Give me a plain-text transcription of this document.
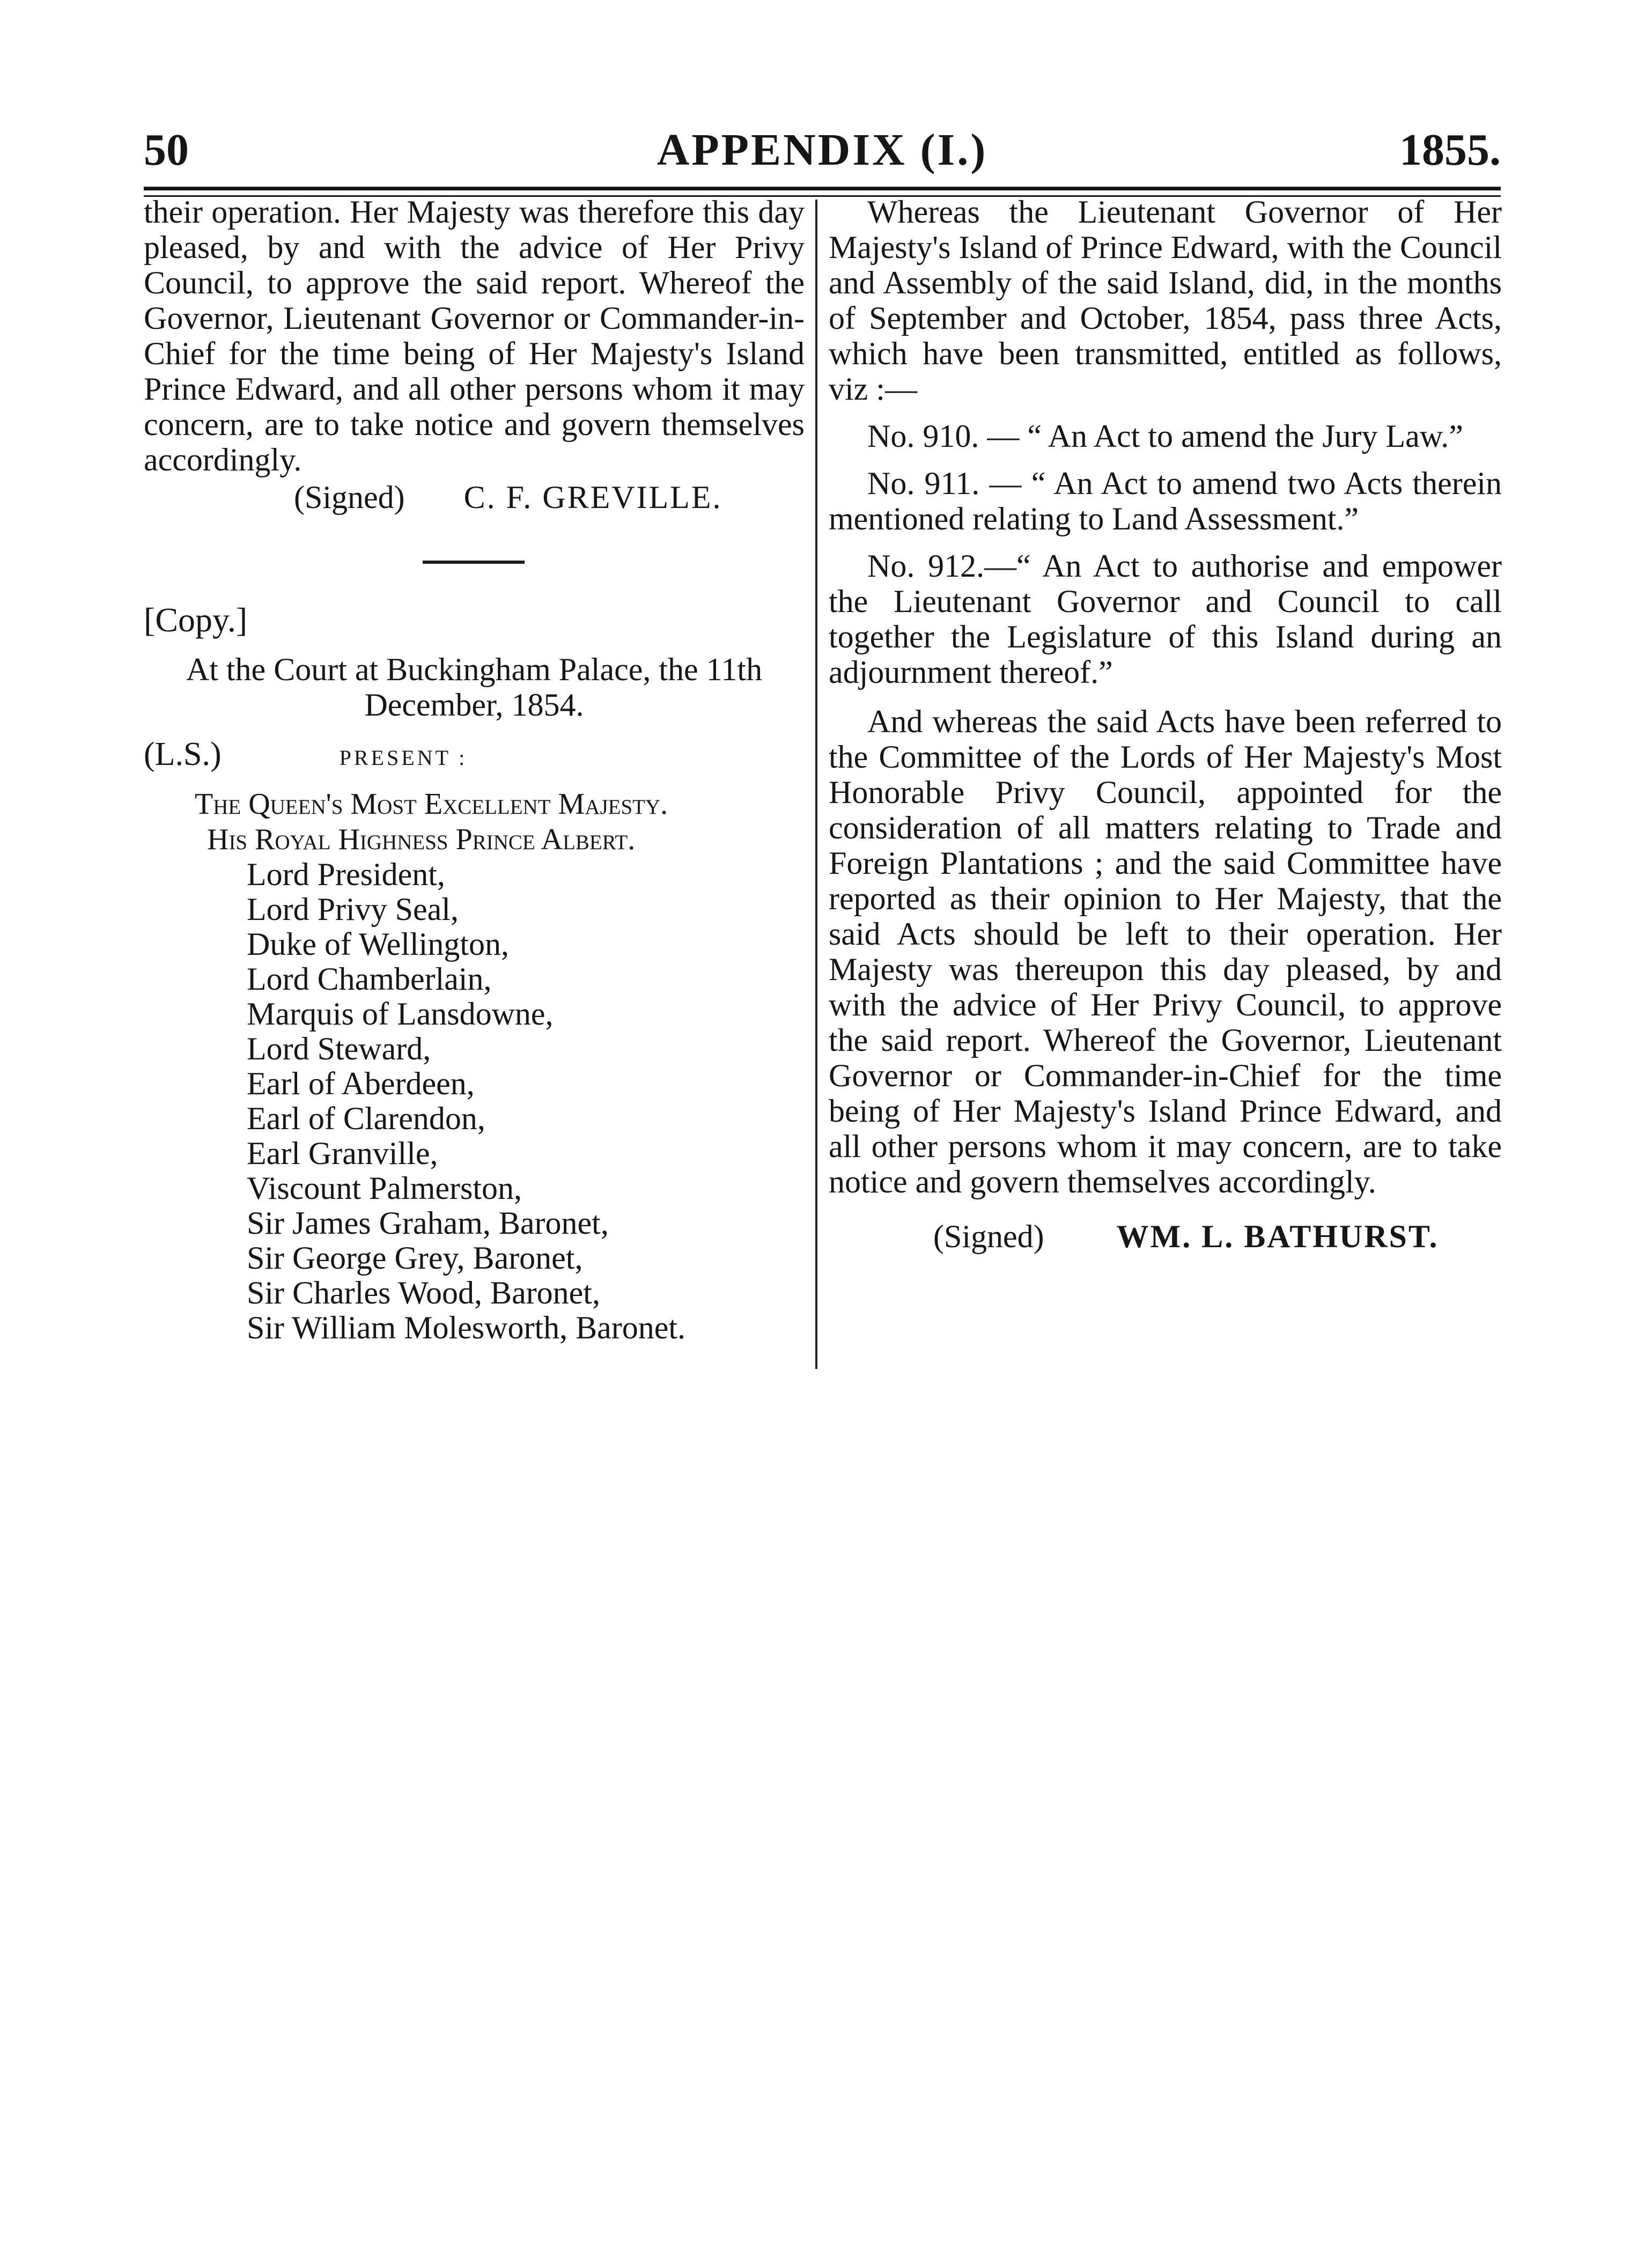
APPENDIX (I.)
50	1855.

their operation. Her Majesty was therefore this day pleased, by and with the advice of Her Privy Council, to approve the said report. Whereof the Governor, Lieutenant Governor or Commander-in-Chief for the time being of Her Majesty's Island Prince Edward, and all other persons whom it may concern, are to take notice and govern themselves accordingly.

(Signed) C. F. GREVILLE.
[Copy.]
At the Court at Buckingham Palace, the 11th
December, 1854.
(L.S.)	PRESENT :
The Queen's Most Excellent Majesty.
His Royal Highness Prince Albert.
Lord President,
Lord Privy Seal,
Duke of Wellington,
Lord Chamberlain,
Marquis of Lansdowne,
Lord Steward,
Earl of Aberdeen,
Earl of Clarendon,
Earl Granville,
Viscount Palmerston,
Sir James Graham, Baronet,
Sir George Grey, Baronet,
Sir Charles Wood, Baronet,
Sir William Molesworth, Baronet.

Whereas the Lieutenant Governor of Her Majesty's Island of Prince Edward, with the Council and Assembly of the said Island, did, in the months of September and October, 1854, pass three Acts, which have been transmitted, entitled as follows, viz :—

No. 910. — “ An Act to amend the Jury Law.”

No. 911. — “ An Act to amend two Acts therein mentioned relating to Land Assessment.”

No. 912.—“ An Act to authorise and empower the Lieutenant Governor and Council to call together the Legislature of this Island during an adjournment thereof.”

And whereas the said Acts have been referred to the Committee of the Lords of Her Majesty's Most Honorable Privy Council, appointed for the consideration of all matters relating to Trade and Foreign Plantations ; and the said Committee have reported as their opinion to Her Majesty, that the said Acts should be left to their operation. Her Majesty was thereupon this day pleased, by and with the advice of Her Privy Council, to approve the said report. Whereof the Governor, Lieutenant Governor or Commander-in-Chief for the time being of Her Majesty's Island Prince Edward, and all other persons whom it may concern, are to take notice and govern themselves accordingly.

(Signed) WM. L. BATHURST.
